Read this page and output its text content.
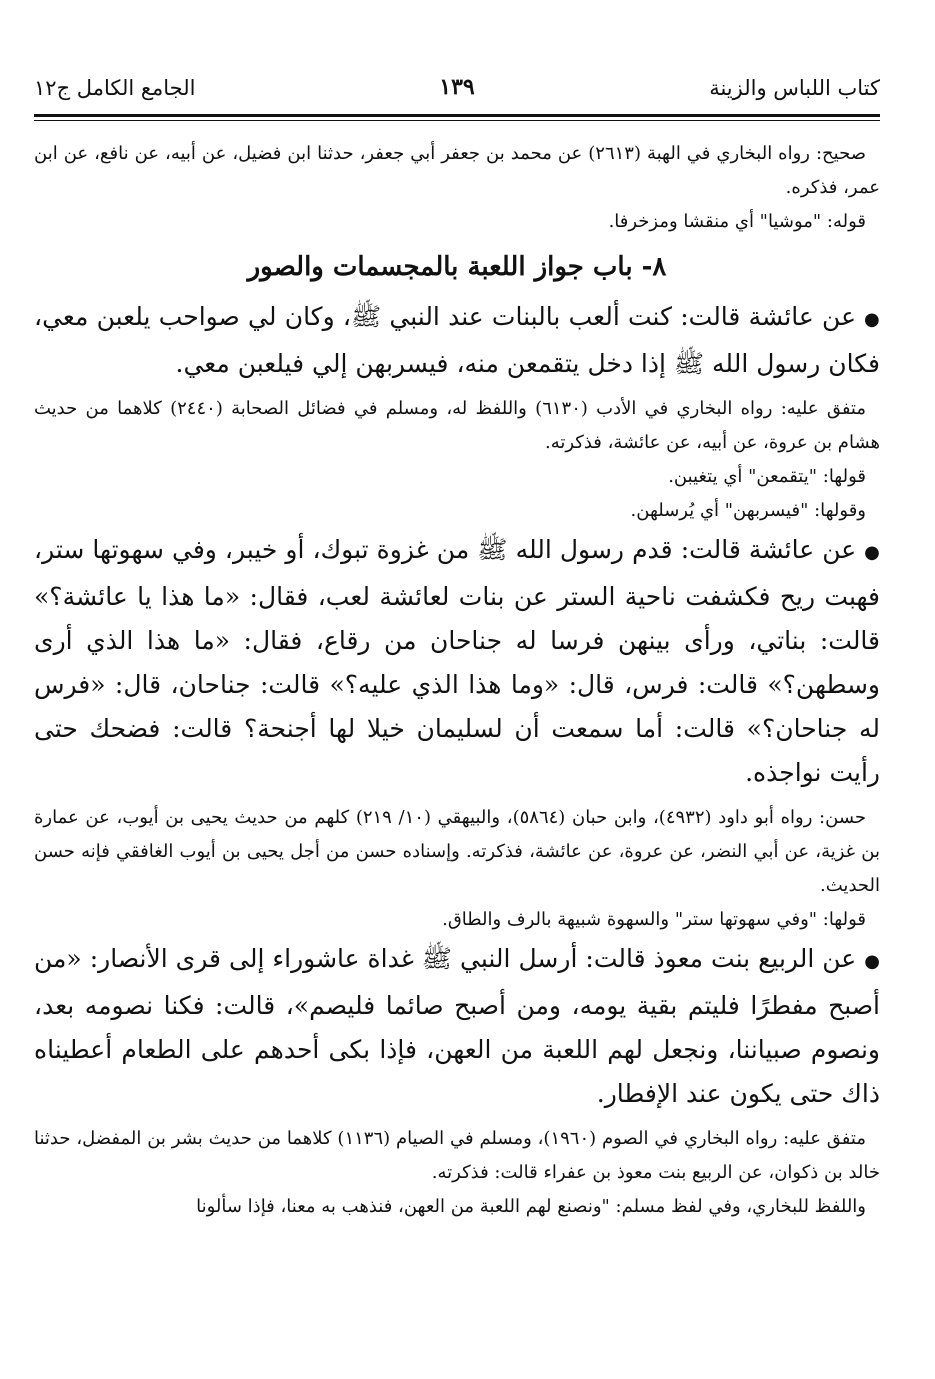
كتاب اللباس والزينة
١٣٩
الجامع الكامل ج١٢

صحيح: رواه البخاري في الهبة (٢٦١٣) عن محمد بن جعفر أبي جعفر، حدثنا ابن فضيل، عن أبيه، عن نافع، عن ابن عمر، فذكره.

قوله: "موشيا" أي منقشا ومزخرفا.

٨- باب جواز اللعبة بالمجسمات والصور

●عن عائشة قالت: كنت ألعب بالبنات عند النبي ﷺ، وكان لي صواحب يلعبن معي، فكان رسول الله ﷺ إذا دخل يتقمعن منه، فيسربهن إلي فيلعبن معي.

متفق عليه: رواه البخاري في الأدب (٦١٣٠) واللفظ له، ومسلم في فضائل الصحابة (٢٤٤٠) كلاهما من حديث هشام بن عروة، عن أبيه، عن عائشة، فذكرته.

قولها: "يتقمعن" أي يتغيبن.

وقولها: "فيسربهن" أي يُرسلهن.

●عن عائشة قالت: قدم رسول الله ﷺ من غزوة تبوك، أو خيبر، وفي سهوتها ستر، فهبت ريح فكشفت ناحية الستر عن بنات لعائشة لعب، فقال: «ما هذا يا عائشة؟» قالت: بناتي، ورأى بينهن فرسا له جناحان من رقاع، فقال: «ما هذا الذي أرى وسطهن؟» قالت: فرس، قال: «وما هذا الذي عليه؟» قالت: جناحان، قال: «فرس له جناحان؟» قالت: أما سمعت أن لسليمان خيلا لها أجنحة؟ قالت: فضحك حتى رأيت نواجذه.

حسن: رواه أبو داود (٤٩٣٢)، وابن حبان (٥٨٦٤)، والبيهقي (١٠/ ٢١٩) كلهم من حديث يحيى بن أيوب، عن عمارة بن غزية، عن أبي النضر، عن عروة، عن عائشة، فذكرته. وإسناده حسن من أجل يحيى بن أيوب الغافقي فإنه حسن الحديث.

قولها: "وفي سهوتها ستر" والسهوة شبيهة بالرف والطاق.

●عن الربيع بنت معوذ قالت: أرسل النبي ﷺ غداة عاشوراء إلى قرى الأنصار: «من أصبح مفطرًا فليتم بقية يومه، ومن أصبح صائما فليصم»، قالت: فكنا نصومه بعد، ونصوم صبياننا، ونجعل لهم اللعبة من العهن، فإذا بكى أحدهم على الطعام أعطيناه ذاك حتى يكون عند الإفطار.

متفق عليه: رواه البخاري في الصوم (١٩٦٠)، ومسلم في الصيام (١١٣٦) كلاهما من حديث بشر بن المفضل، حدثنا خالد بن ذكوان، عن الربيع بنت معوذ بن عفراء قالت: فذكرته.

واللفظ للبخاري، وفي لفظ مسلم: "ونصنع لهم اللعبة من العهن، فنذهب به معنا، فإذا سألونا
